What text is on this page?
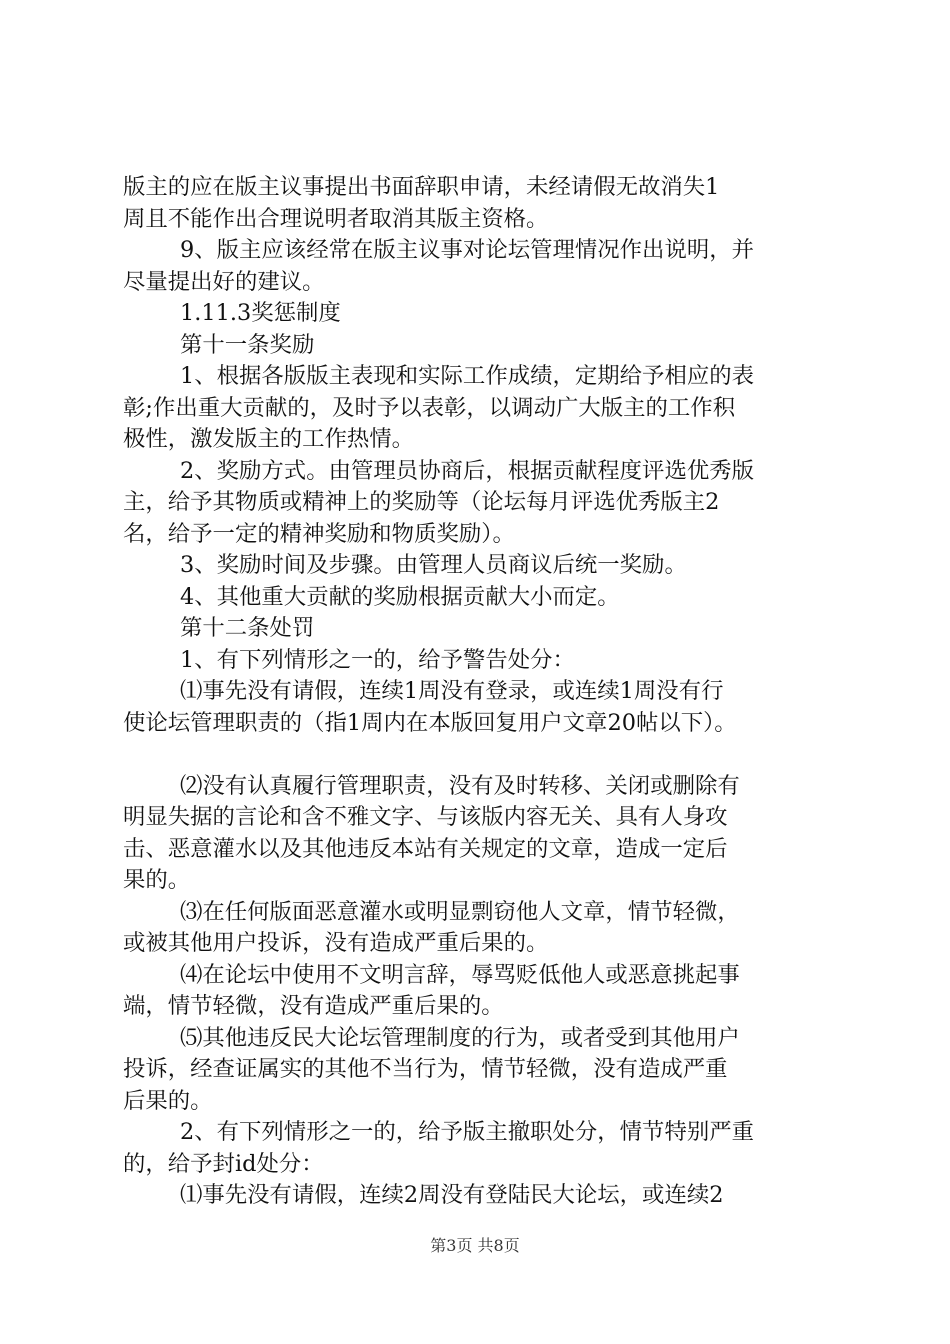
版主的应在版主议事提出书面辞职申请，未经请假无故消失1
周且不能作出合理说明者取消其版主资格。
9、版主应该经常在版主议事对论坛管理情况作出说明，并
尽量提出好的建议。
1.11.3奖惩制度
第十一条奖励
1、根据各版版主表现和实际工作成绩，定期给予相应的表
彰;作出重大贡献的，及时予以表彰，以调动广大版主的工作积
极性，激发版主的工作热情。
2、奖励方式。由管理员协商后，根据贡献程度评选优秀版
主，给予其物质或精神上的奖励等（论坛每月评选优秀版主2
名，给予一定的精神奖励和物质奖励）。
3、奖励时间及步骤。由管理人员商议后统一奖励。
4、其他重大贡献的奖励根据贡献大小而定。
第十二条处罚
1、有下列情形之一的，给予警告处分：
⑴事先没有请假，连续1周没有登录，或连续1周没有行
使论坛管理职责的（指1周内在本版回复用户文章20帖以下）。
⑵没有认真履行管理职责，没有及时转移、关闭或删除有
明显失据的言论和含不雅文字、与该版内容无关、具有人身攻
击、恶意灌水以及其他违反本站有关规定的文章，造成一定后
果的。
⑶在任何版面恶意灌水或明显剽窃他人文章，情节轻微，
或被其他用户投诉，没有造成严重后果的。
⑷在论坛中使用不文明言辞，辱骂贬低他人或恶意挑起事
端，情节轻微，没有造成严重后果的。
⑸其他违反民大论坛管理制度的行为，或者受到其他用户
投诉，经查证属实的其他不当行为，情节轻微，没有造成严重
后果的。
2、有下列情形之一的，给予版主撤职处分，情节特别严重
的，给予封id处分：
⑴事先没有请假，连续2周没有登陆民大论坛，或连续2
第3页 共8页
